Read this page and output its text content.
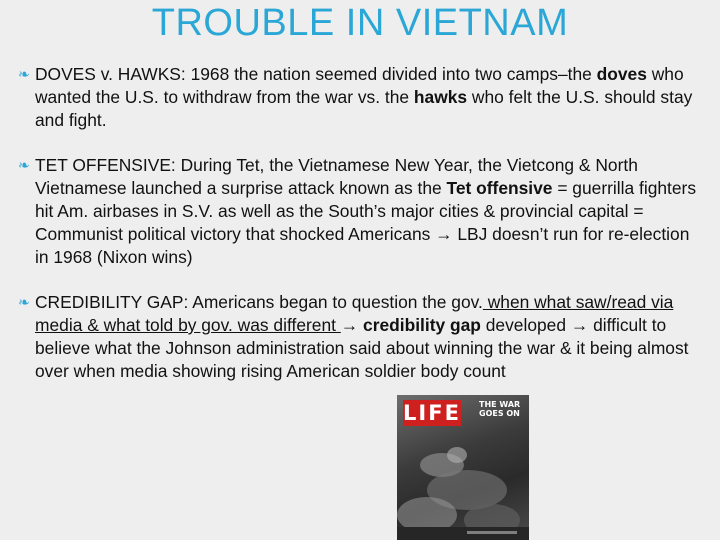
TROUBLE IN VIETNAM
❧ DOVES v. HAWKS: 1968 the nation seemed divided into two camps–the doves who wanted the U.S. to withdraw from the war vs. the hawks who felt the U.S. should stay and fight.
❧ TET OFFENSIVE: During Tet, the Vietnamese New Year, the Vietcong & North Vietnamese launched a surprise attack known as the Tet offensive = guerrilla fighters hit Am. airbases in S.V. as well as the South’s major cities & provincial capital = Communist political victory that shocked Americans → LBJ doesn’t run for re-election in 1968 (Nixon wins)
❧ CREDIBILITY GAP: Americans began to question the gov. when what saw/read via media & what told by gov. was different → credibility gap developed → difficult to believe what the Johnson administration said about winning the war & it being almost over when media showing rising American soldier body count
LIFE THE WAR GOES ON
